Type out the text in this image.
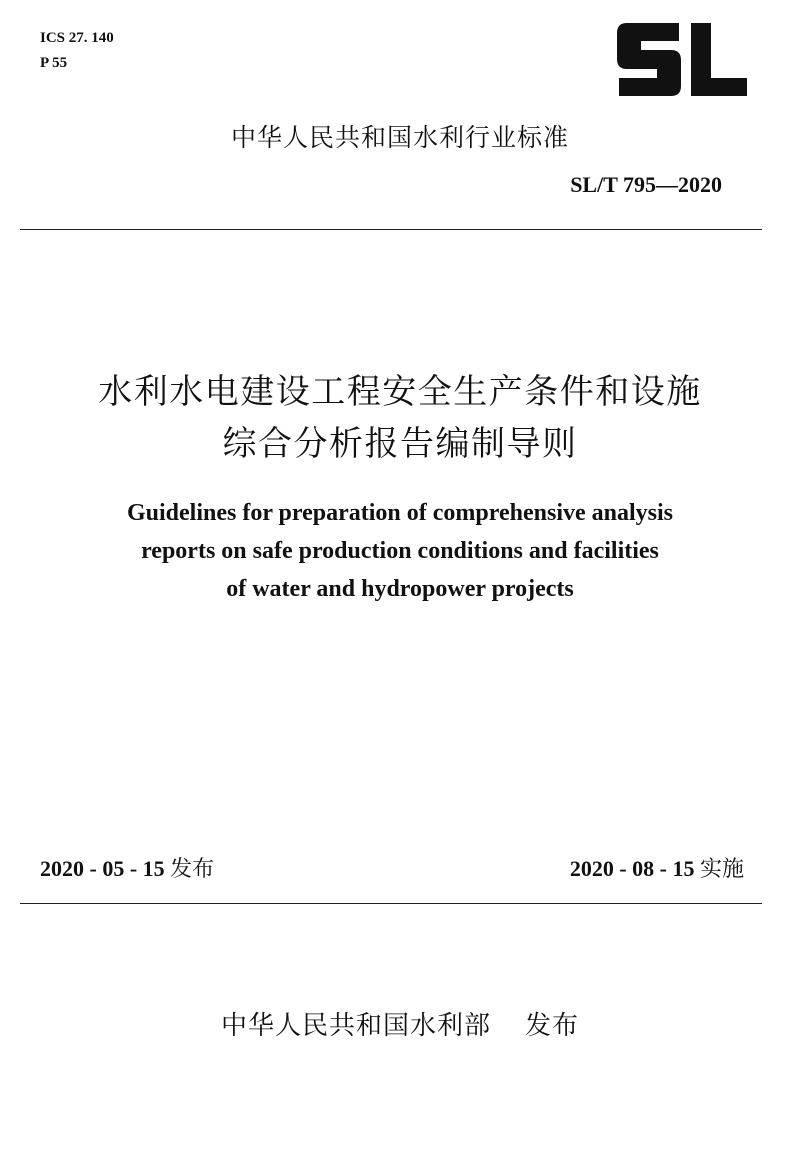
ICS 27. 140
P 55
中华人民共和国水利行业标准
SL/T 795—2020
水利水电建设工程安全生产条件和设施
综合分析报告编制导则
Guidelines for preparation of comprehensive analysis
reports on safe production conditions and facilities
of water and hydropower projects
2020 - 05 - 15 发布	2020 - 08 - 15 实施
中华人民共和国水利部 发布
